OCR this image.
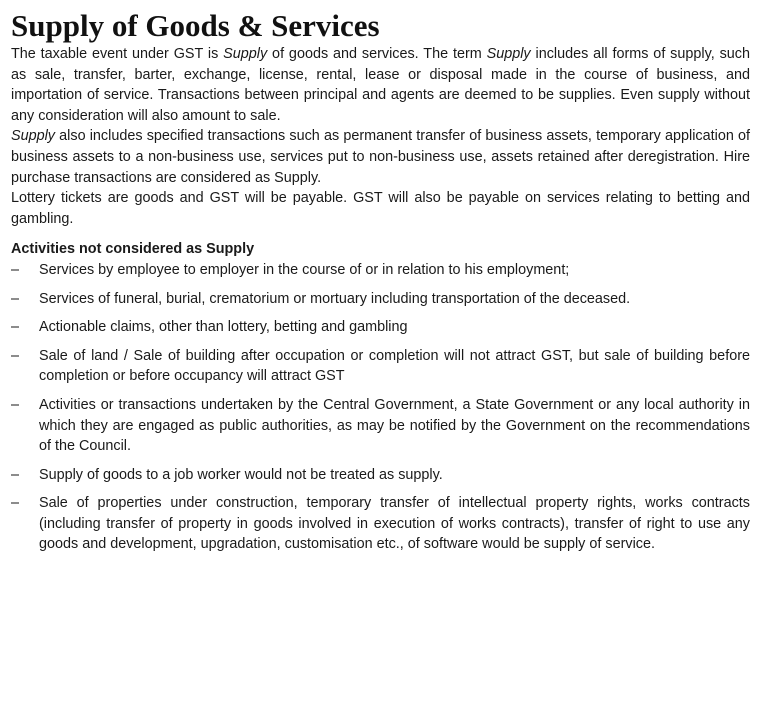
Supply of Goods & Services

The taxable event under GST is Supply of goods and services. The term Supply includes all forms of supply, such as sale, transfer, barter, exchange, license, rental, lease or disposal made in the course of business, and importation of service. Transactions between principal and agents are deemed to be supplies. Even supply without any consideration will also amount to sale.

Supply also includes specified transactions such as permanent transfer of business assets, temporary application of business assets to a non-business use, services put to non-business use, assets retained after deregistration. Hire purchase transactions are considered as Supply.

Lottery tickets are goods and GST will be payable. GST will also be payable on services relating to betting and gambling.

Activities not considered as Supply
– Services by employee to employer in the course of or in relation to his employment;
– Services of funeral, burial, crematorium or mortuary including transportation of the deceased.
– Actionable claims, other than lottery, betting and gambling
– Sale of land / Sale of building after occupation or completion will not attract GST, but sale of building before completion or before occupancy will attract GST
– Activities or transactions undertaken by the Central Government, a State Government or any local authority in which they are engaged as public authorities, as may be notified by the Government on the recommendations of the Council.
– Supply of goods to a job worker would not be treated as supply.
– Sale of properties under construction, temporary transfer of intellectual property rights, works contracts (including transfer of property in goods involved in execution of works contracts), transfer of right to use any goods and development, upgradation, customisation etc., of software would be supply of service.
